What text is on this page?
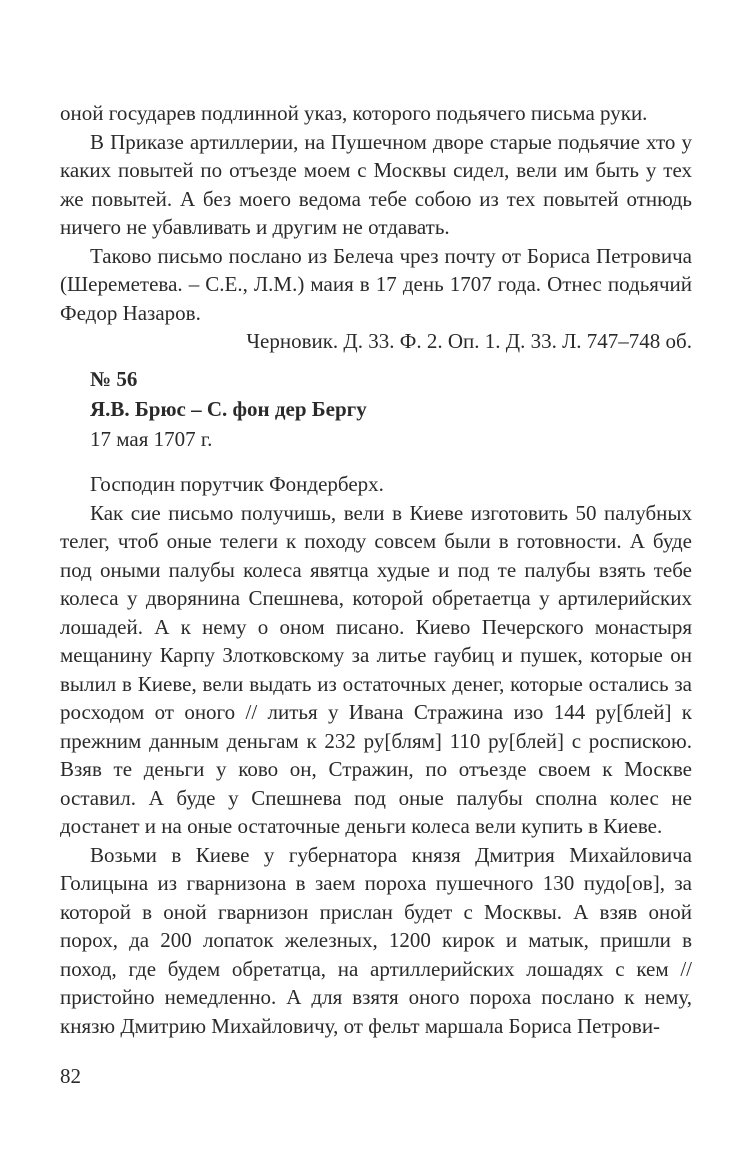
оной государев подлинной указ, которого подьячего письма руки.

В Приказе артиллерии, на Пушечном дворе старые подьячие хто у каких повытей по отъезде моем с Москвы сидел, вели им быть у тех же повытей. А без моего ведома тебе собою из тех повытей отнюдь ничего не убавливать и другим не отдавать.

Таково письмо послано из Белеча чрез почту от Бориса Петровича (Шереметева. – С.Е., Л.М.) маия в 17 день 1707 года. Отнес подьячий Федор Назаров.

Черновик. Д. 33. Ф. 2. Оп. 1. Д. 33. Л. 747–748 об.

№ 56
Я.В. Брюс – С. фон дер Бергу
17 мая 1707 г.

Господин порутчик Фондерберх.

Как сие письмо получишь, вели в Киеве изготовить 50 палубных телег, чтоб оные телеги к походу совсем были в готовности. А буде под оными палубы колеса явятца худые и под те палубы взять тебе колеса у дворянина Спешнева, которой обретаетца у артилерийских лошадей. А к нему о оном писано. Киево Печерского монастыря мещанину Карпу Злотковскому за литье гаубиц и пушек, которые он вылил в Киеве, вели выдать из остаточных денег, которые остались за росходом от оного // литья у Ивана Стражина изо 144 ру[блей] к прежним данным деньгам к 232 ру[блям] 110 ру[блей] с роспискою. Взяв те деньги у ково он, Стражин, по отъезде своем к Москве оставил. А буде у Спешнева под оные палубы сполна колес не достанет и на оные остаточные деньги колеса вели купить в Киеве.

Возьми в Киеве у губернатора князя Дмитрия Михайловича Голицына из гварнизона в заем пороха пушечного 130 пудо[ов], за которой в оной гварнизон прислан будет с Москвы. А взяв оной порох, да 200 лопаток железных, 1200 кирок и матык, пришли в поход, где будем обретатца, на артиллерийских лошадях с кем // пристойно немедленно. А для взятя оного пороха послано к нему, князю Дмитрию Михайловичу, от фельт маршала Бориса Петрови-

82
